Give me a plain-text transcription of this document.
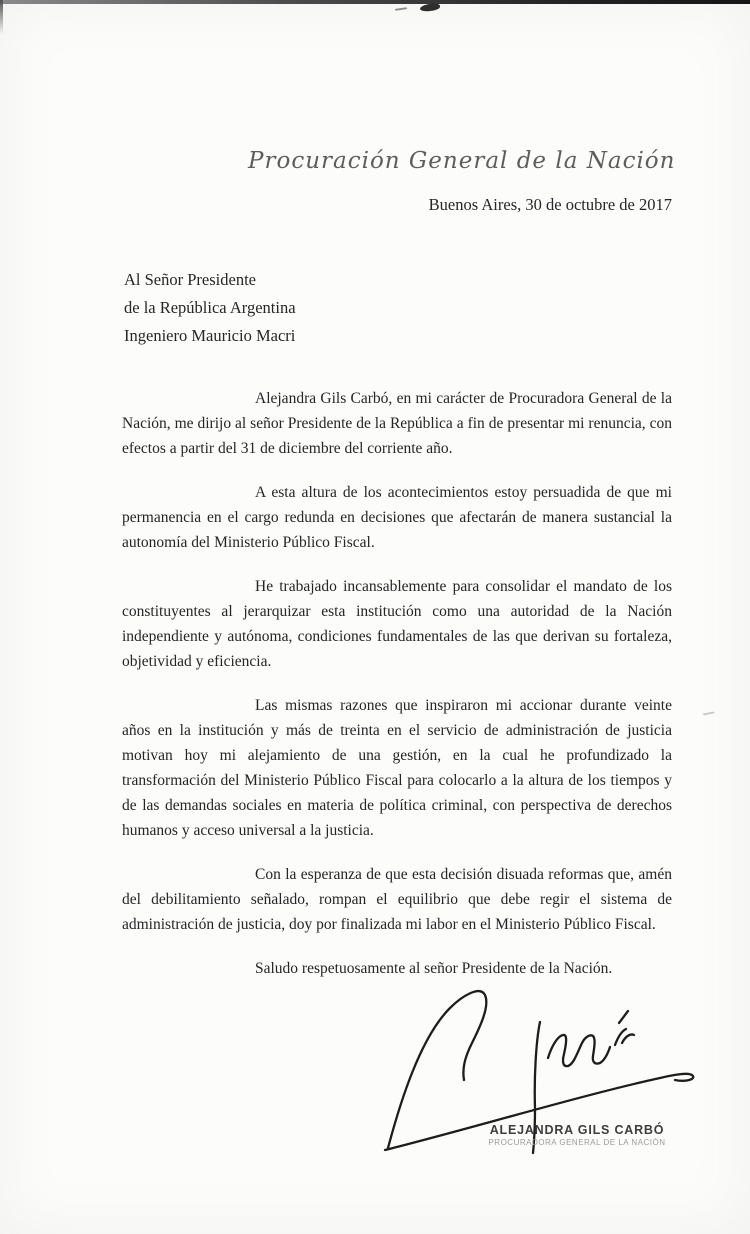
Procuración General de la Nación
Buenos Aires, 30 de octubre de 2017
Al Señor Presidente
de la República Argentina
Ingeniero Mauricio Macri

Alejandra Gils Carbó, en mi carácter de Procuradora General de la Nación, me dirijo al señor Presidente de la República a fin de presentar mi renuncia, con efectos a partir del 31 de diciembre del corriente año.

A esta altura de los acontecimientos estoy persuadida de que mi permanencia en el cargo redunda en decisiones que afectarán de manera sustancial la autonomía del Ministerio Público Fiscal.

He trabajado incansablemente para consolidar el mandato de los constituyentes al jerarquizar esta institución como una autoridad de la Nación independiente y autónoma, condiciones fundamentales de las que derivan su fortaleza, objetividad y eficiencia.

Las mismas razones que inspiraron mi accionar durante veinte años en la institución y más de treinta en el servicio de administración de justicia motivan hoy mi alejamiento de una gestión, en la cual he profundizado la transformación del Ministerio Público Fiscal para colocarlo a la altura de los tiempos y de las demandas sociales en materia de política criminal, con perspectiva de derechos humanos y acceso universal a la justicia.

Con la esperanza de que esta decisión disuada reformas que, amén del debilitamiento señalado, rompan el equilibrio que debe regir el sistema de administración de justicia, doy por finalizada mi labor en el Ministerio Público Fiscal.

Saludo respetuosamente al señor Presidente de la Nación.

ALEJANDRA GILS CARBÓ
PROCURADORA GENERAL DE LA NACIÓN
